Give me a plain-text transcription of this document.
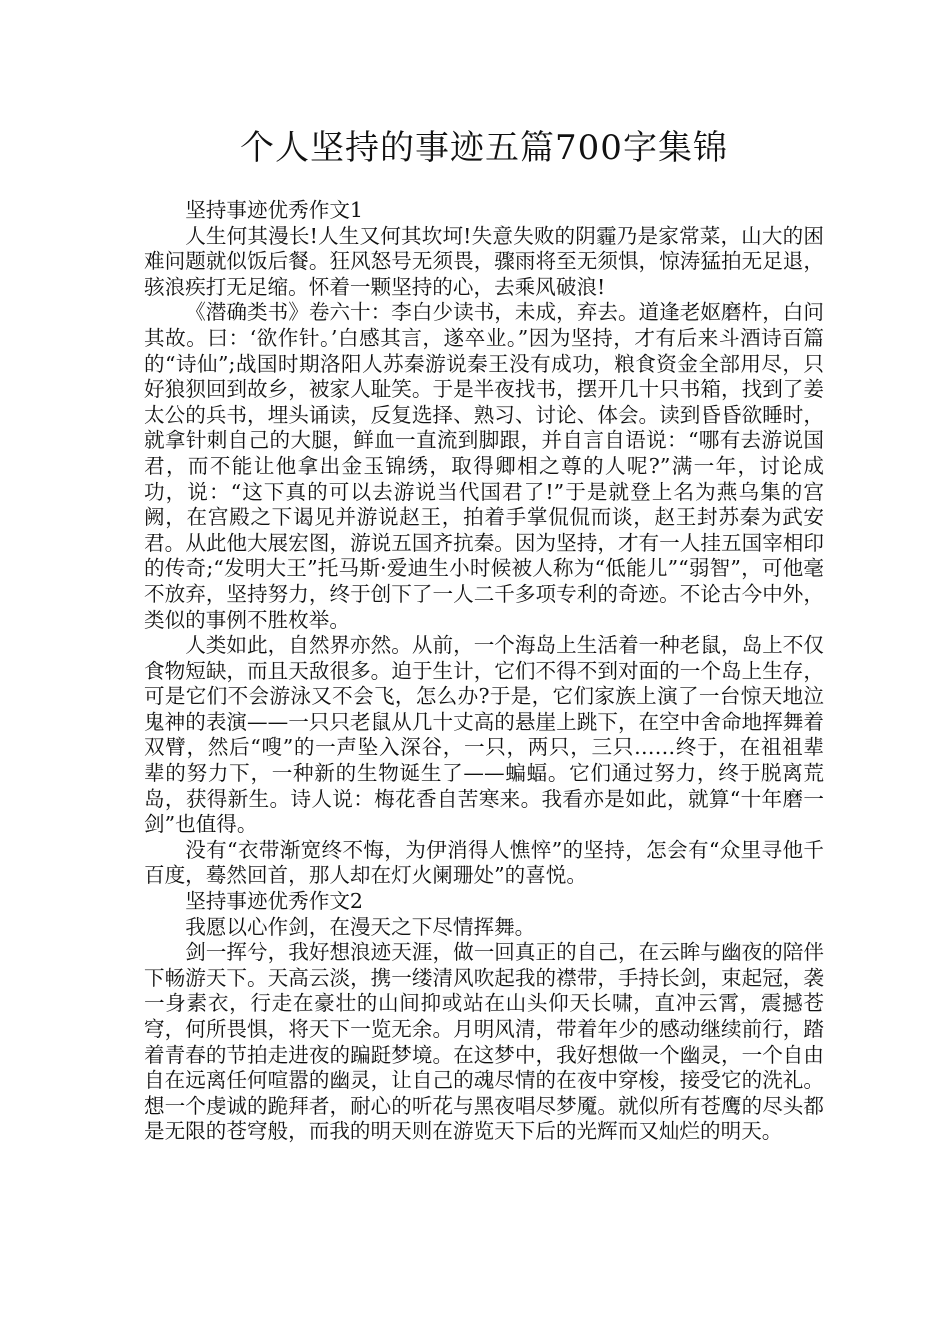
个人坚持的事迹五篇700字集锦

坚持事迹优秀作文1

人生何其漫长!人生又何其坎坷!失意失败的阴霾乃是家常菜，山大的困难问题就似饭后餐。狂风怒号无须畏，骤雨将至无须惧，惊涛猛拍无足退，骇浪疾打无足缩。怀着一颗坚持的心，去乘风破浪!

《潜确类书》卷六十：李白少读书，未成，弃去。道逢老妪磨杵，白问其故。曰：‘欲作针。’白感其言，遂卒业。”因为坚持，才有后来斗酒诗百篇的“诗仙”;战国时期洛阳人苏秦游说秦王没有成功，粮食资金全部用尽，只好狼狈回到故乡，被家人耻笑。于是半夜找书，摆开几十只书箱，找到了姜太公的兵书，埋头诵读，反复选择、熟习、讨论、体会。读到昏昏欲睡时，就拿针刺自己的大腿，鲜血一直流到脚跟，并自言自语说：“哪有去游说国君，而不能让他拿出金玉锦绣，取得卿相之尊的人呢?”满一年，讨论成功，说：“这下真的可以去游说当代国君了!”于是就登上名为燕乌集的宫阙，在宫殿之下谒见并游说赵王，拍着手掌侃侃而谈，赵王封苏秦为武安君。从此他大展宏图，游说五国齐抗秦。因为坚持，才有一人挂五国宰相印的传奇;“发明大王”托马斯·爱迪生小时候被人称为“低能儿”“弱智”，可他毫不放弃，坚持努力，终于创下了一人二千多项专利的奇迹。不论古今中外，类似的事例不胜枚举。

人类如此，自然界亦然。从前，一个海岛上生活着一种老鼠，岛上不仅食物短缺，而且天敌很多。迫于生计，它们不得不到对面的一个岛上生存，可是它们不会游泳又不会飞，怎么办?于是，它们家族上演了一台惊天地泣鬼神的表演——一只只老鼠从几十丈高的悬崖上跳下，在空中舍命地挥舞着双臂，然后“嗖”的一声坠入深谷，一只，两只，三只……终于，在祖祖辈辈的努力下，一种新的生物诞生了——蝙蝠。它们通过努力，终于脱离荒岛，获得新生。诗人说：梅花香自苦寒来。我看亦是如此，就算“十年磨一剑”也值得。

没有“衣带渐宽终不悔，为伊消得人憔悴”的坚持，怎会有“众里寻他千百度，蓦然回首，那人却在灯火阑珊处”的喜悦。

坚持事迹优秀作文2

我愿以心作剑，在漫天之下尽情挥舞。

剑一挥兮，我好想浪迹天涯，做一回真正的自己，在云眸与幽夜的陪伴下畅游天下。天高云淡，携一缕清风吹起我的襟带，手持长剑，束起冠，袭一身素衣，行走在豪壮的山间抑或站在山头仰天长啸，直冲云霄，震撼苍穹，何所畏惧，将天下一览无余。月明风清，带着年少的感动继续前行，踏着青春的节拍走进夜的蹁跹梦境。在这梦中，我好想做一个幽灵，一个自由自在远离任何喧嚣的幽灵，让自己的魂尽情的在夜中穿梭，接受它的洗礼。想一个虔诚的跪拜者，耐心的听花与黑夜唱尽梦魇。就似所有苍鹰的尽头都是无限的苍穹般，而我的明天则在游览天下后的光辉而又灿烂的明天。
